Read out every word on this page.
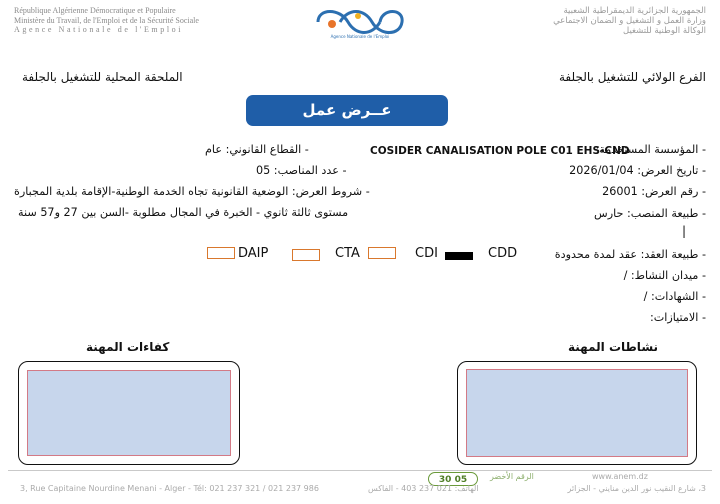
République Algérienne Démocratique et Populaire
Ministère du Travail, de l'Emploi et de la Sécurité Sociale
Agence Nationale de l'Emploi
الجمهورية الجزائرية الديمقراطية الشعبية
وزارة العمل و التشغيل و الضمان الاجتماعي
الوكالة الوطنية للتشغيل
Agence Nationale de l'Emploi
الفرع الولائي للتشغيل بالجلفة
الملحقة المحلية للتشغيل بالجلفة
عــرض عمل
- المؤسسة المستخدمة:
COSIDER CANALISATION POLE C01 EHS-CND
- تاريخ العرض: 2026/01/04
- رقم العرض: 26001
- طبيعة المنصب: حارس
|
- طبيعة العقد: عقد لمدة محدودة
- ميدان النشاط: /
- الشهادات: /
- الامتيازات:
- القطاع القانوني: عام
- عدد المناصب: 05
- شروط العرض: الوضعية القانونية تجاه الخدمة الوطنية-الإقامة بلدية المجبارة
مستوى ثالثة ثانوي - الخبرة في المجال مطلوبة -السن بين 27 و57 سنة
CDD
CDI
CTA
DAIP
نشاطات المهنة
كفاءات المهنة
الرقم الأخضر
30 05	www.anem.dz
3, Rue Capitaine Nourdine Menani - Alger - Tél: 021 237 321 / 021 237 986	الهاتف: 021 237 403 - الفاكس	3، شارع النقيب نور الدين منايني - الجزائر
